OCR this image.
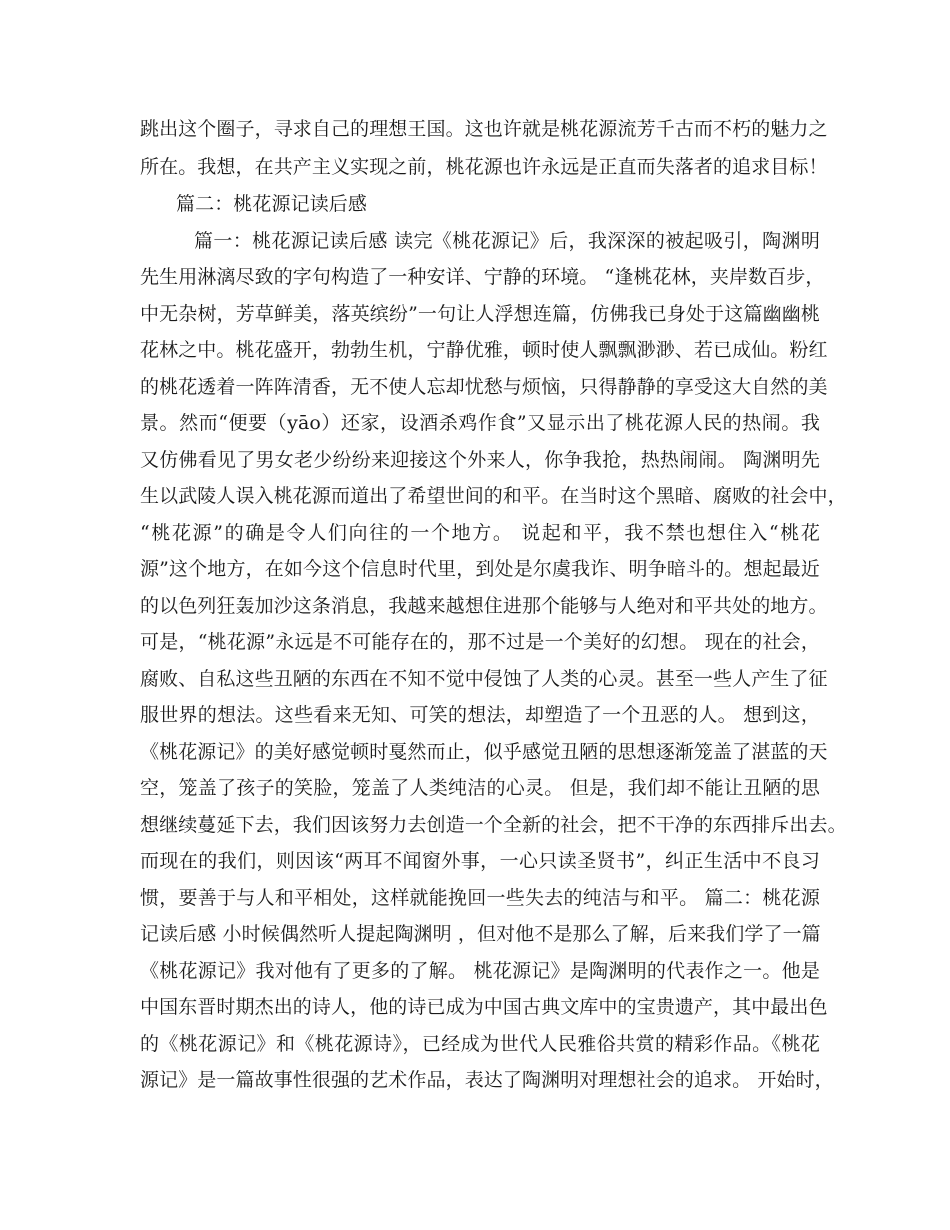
跳出这个圈子，寻求自己的理想王国。这也许就是桃花源流芳千古而不朽的魅力之
所在。我想，在共产主义实现之前，桃花源也许永远是正直而失落者的追求目标！
篇二：桃花源记读后感
篇一：桃花源记读后感 读完《桃花源记》后，我深深的被起吸引，陶渊明
先生用淋漓尽致的字句构造了一种安详、宁静的环境。 “逢桃花林，夹岸数百步，
中无杂树，芳草鲜美，落英缤纷”一句让人浮想连篇，仿佛我已身处于这篇幽幽桃
花林之中。桃花盛开，勃勃生机，宁静优雅，顿时使人飘飘渺渺、若已成仙。粉红
的桃花透着一阵阵清香，无不使人忘却忧愁与烦恼，只得静静的享受这大自然的美
景。然而“便要（yāo）还家，设酒杀鸡作食”又显示出了桃花源人民的热闹。我
又仿佛看见了男女老少纷纷来迎接这个外来人，你争我抢，热热闹闹。 陶渊明先
生以武陵人误入桃花源而道出了希望世间的和平。在当时这个黑暗、腐败的社会中，
“桃花源”的确是令人们向往的一个地方。 说起和平，我不禁也想住入“桃花
源”这个地方，在如今这个信息时代里，到处是尔虞我诈、明争暗斗的。想起最近
的以色列狂轰加沙这条消息，我越来越想住进那个能够与人绝对和平共处的地方。
可是，“桃花源”永远是不可能存在的，那不过是一个美好的幻想。 现在的社会，
腐败、自私这些丑陋的东西在不知不觉中侵蚀了人类的心灵。甚至一些人产生了征
服世界的想法。这些看来无知、可笑的想法，却塑造了一个丑恶的人。 想到这，
《桃花源记》的美好感觉顿时戛然而止，似乎感觉丑陋的思想逐渐笼盖了湛蓝的天
空，笼盖了孩子的笑脸，笼盖了人类纯洁的心灵。 但是，我们却不能让丑陋的思
想继续蔓延下去，我们因该努力去创造一个全新的社会，把不干净的东西排斥出去。
而现在的我们，则因该“两耳不闻窗外事，一心只读圣贤书”，纠正生活中不良习
惯，要善于与人和平相处，这样就能挽回一些失去的纯洁与和平。 篇二：桃花源
记读后感 小时候偶然听人提起陶渊明 ，但对他不是那么了解，后来我们学了一篇
《桃花源记》我对他有了更多的了解。 桃花源记》是陶渊明的代表作之一。他是
中国东晋时期杰出的诗人，他的诗已成为中国古典文库中的宝贵遗产，其中最出色
的《桃花源记》和《桃花源诗》，已经成为世代人民雅俗共赏的精彩作品。《桃花
源记》是一篇故事性很强的艺术作品，表达了陶渊明对理想社会的追求。 开始时，
